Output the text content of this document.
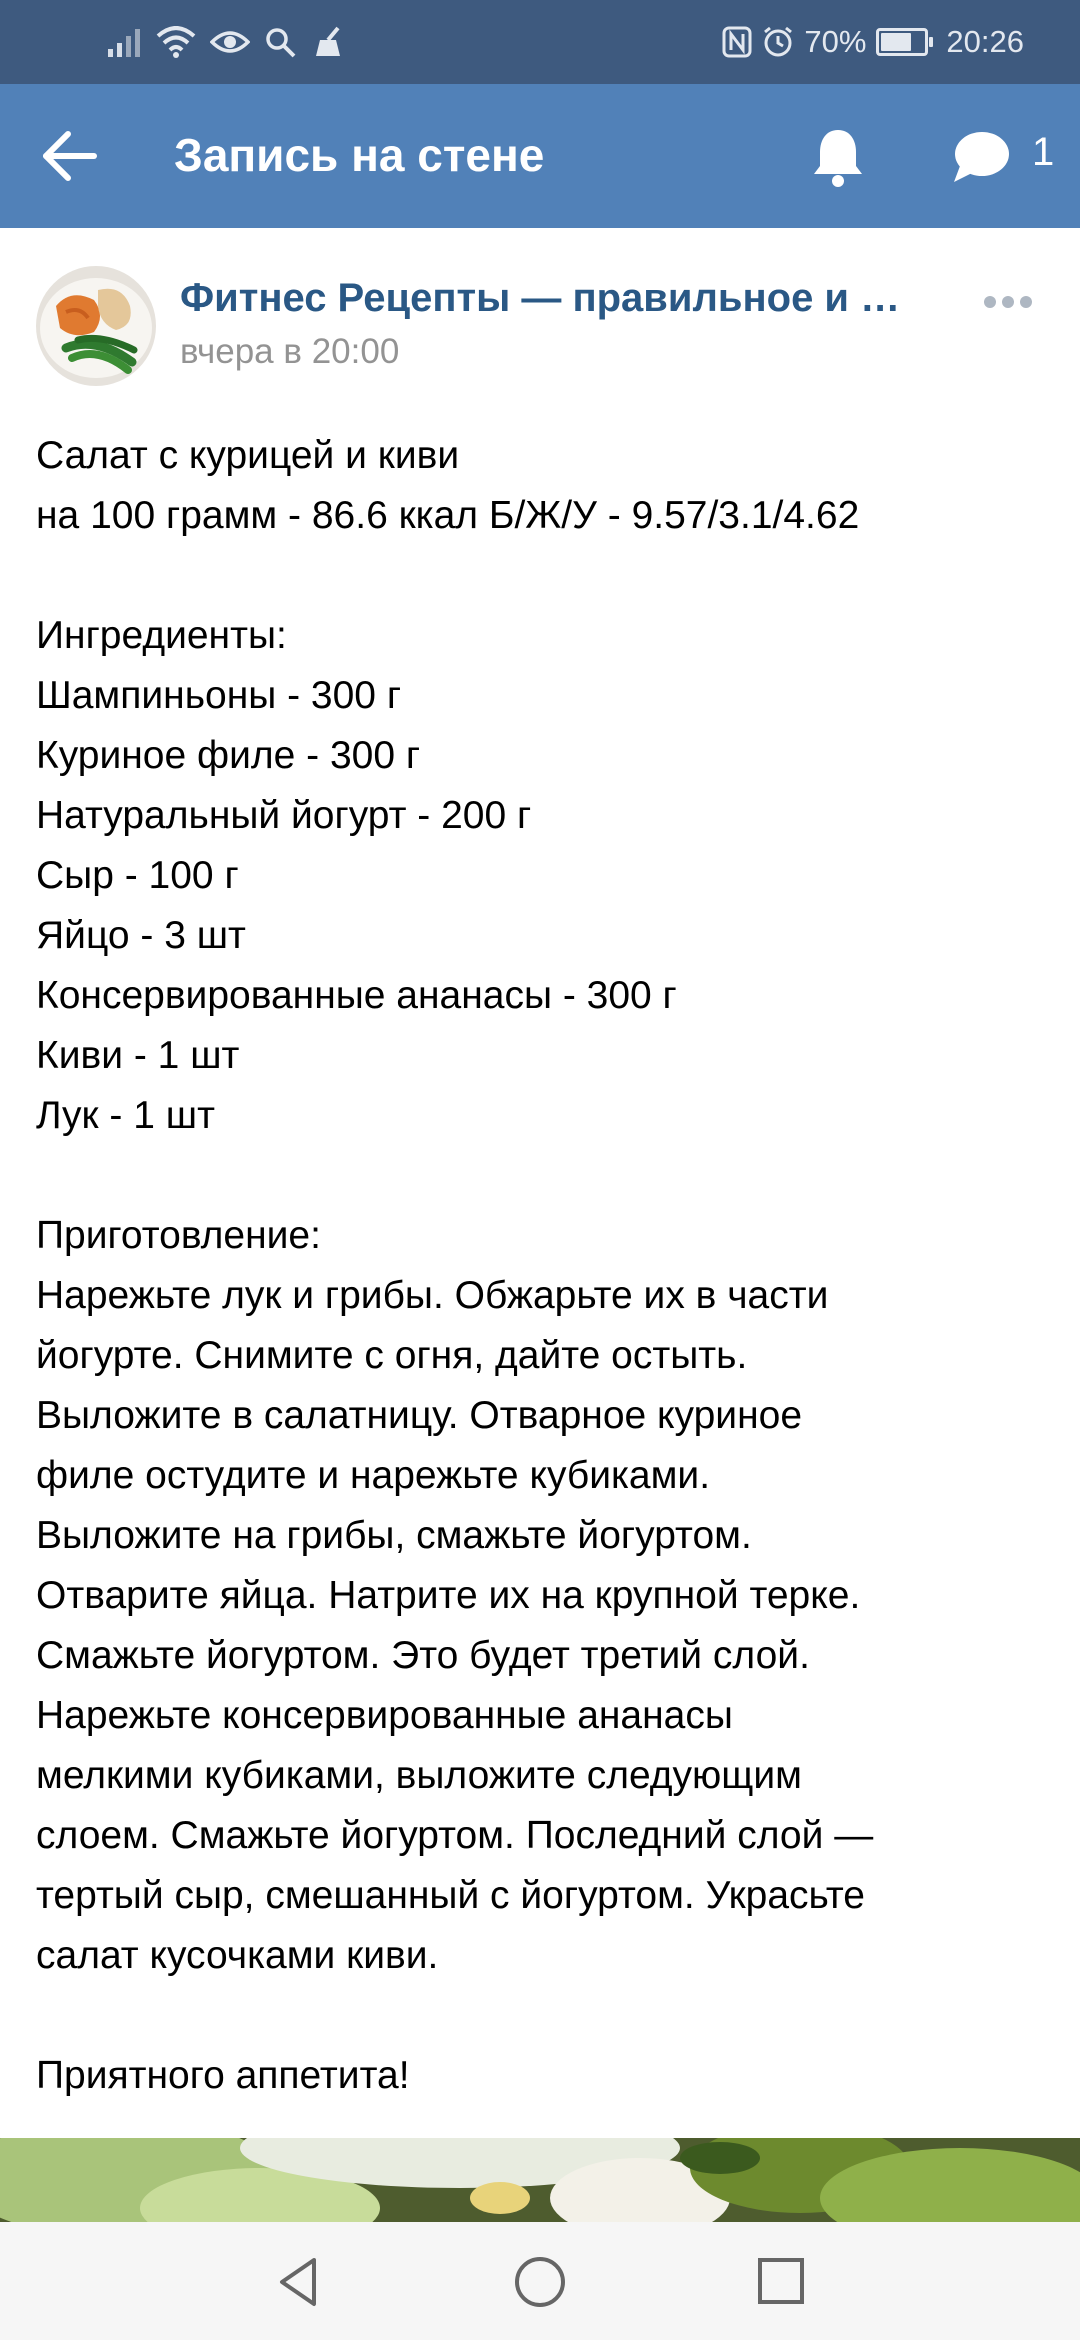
70%	20:26
Запись на стене	1
Фитнес Рецепты — правильное и …
вчера в 20:00
Салат с курицей и киви
на 100 грамм - 86.6 ккал Б/Ж/У - 9.57/3.1/4.62
Ингредиенты:
Шампиньоны - 300 г
Куриное филе - 300 г
Натуральный йогурт - 200 г
Сыр - 100 г
Яйцо - 3 шт
Консервированные ананасы - 300 г
Киви - 1 шт
Лук - 1 шт
Приготовление:
Нарежьте лук и грибы. Обжарьте их в части
йогурте. Снимите с огня, дайте остыть.
Выложите в салатницу. Отварное куриное
филе остудите и нарежьте кубиками.
Выложите на грибы, смажьте йогуртом.
Отварите яйца. Натрите их на крупной терке.
Смажьте йогуртом. Это будет третий слой.
Нарежьте консервированные ананасы
мелкими кубиками, выложите следующим
слоем. Смажьте йогуртом. Последний слой —
тертый сыр, смешанный с йогуртом. Украсьте
салат кусочками киви.
Приятного аппетита!
